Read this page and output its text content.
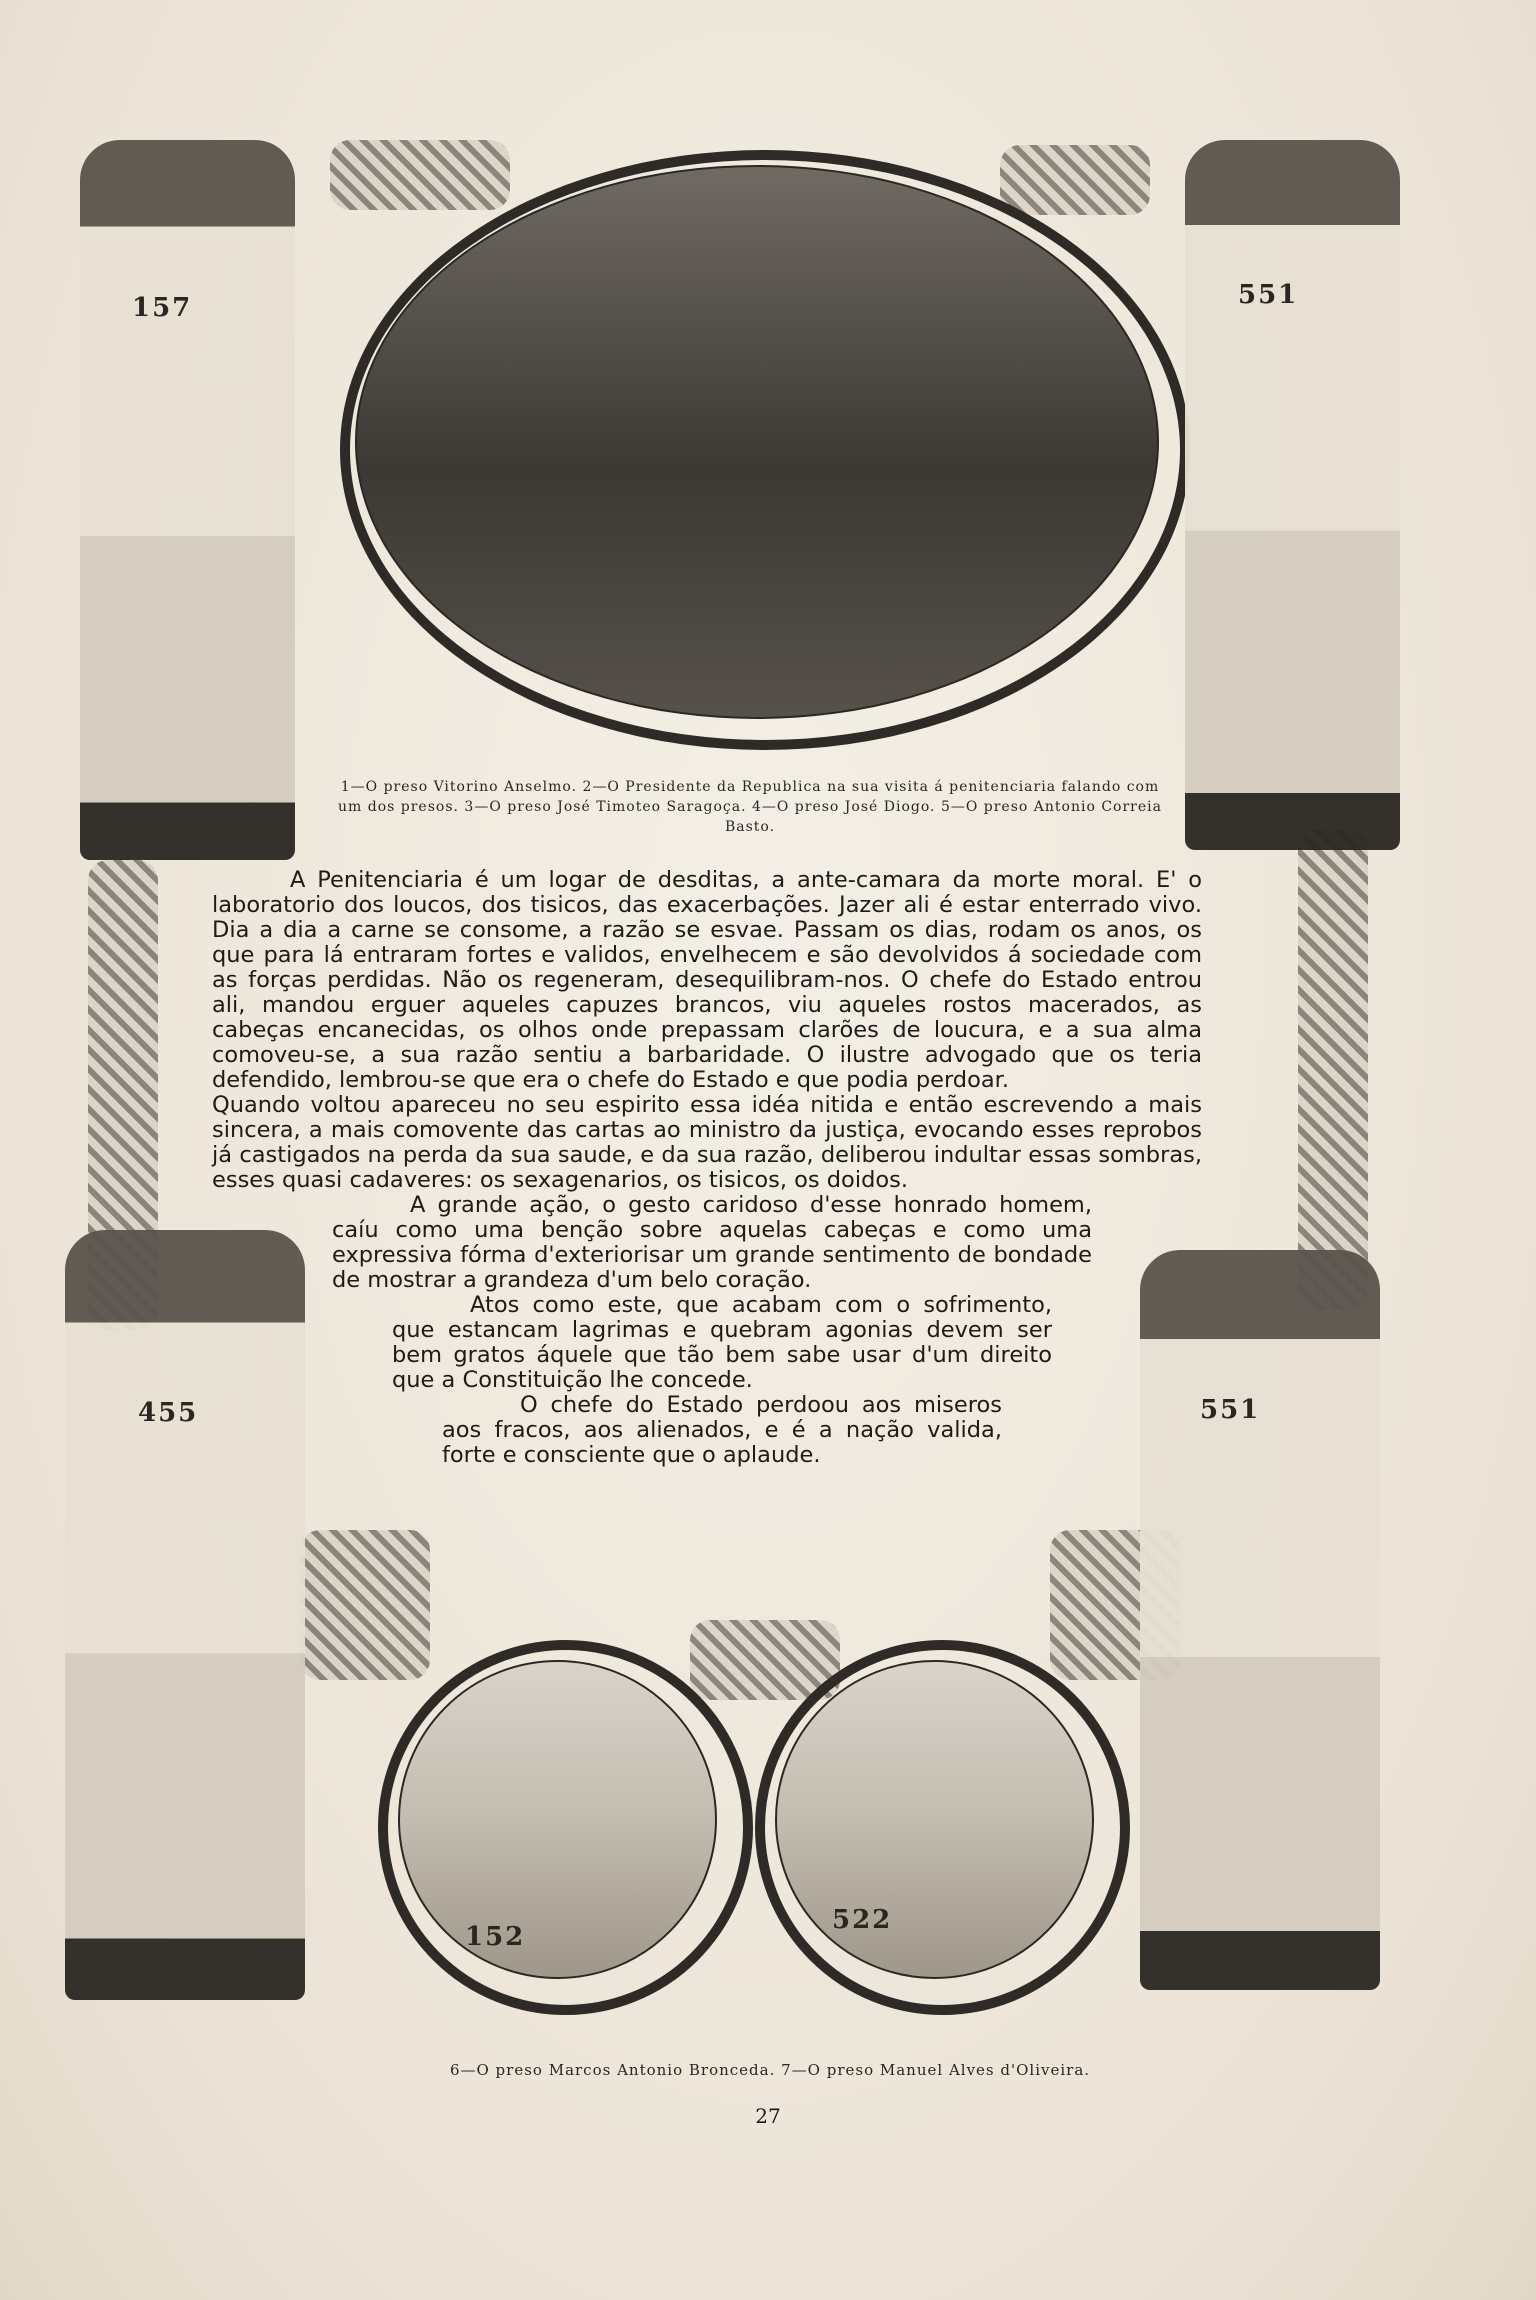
157	551
1—O preso Vitorino Anselmo. 2—O Presidente da Republica na sua visita á penitenciaria falando com um dos presos. 3—O preso José Timoteo Saragoça. 4—O preso José Diogo. 5—O preso Antonio Correia Basto.

A Penitenciaria é um logar de desditas, a ante-camara da morte moral. E' o laboratorio dos loucos, dos tisicos, das exacerbações. Jazer ali é estar enterrado vivo. Dia a dia a carne se consome, a razão se esvae. Passam os dias, rodam os anos, os que para lá entraram fortes e validos, envelhecem e são devolvidos á sociedade com as forças perdidas. Não os regeneram, desequilibram-nos. O chefe do Estado entrou ali, mandou erguer aqueles capuzes brancos, viu aqueles rostos macerados, as cabeças encanecidas, os olhos onde prepassam clarões de loucura, e a sua alma comoveu-se, a sua razão sentiu a barbaridade. O ilustre advogado que os teria defendido, lembrou-se que era o chefe do Estado e que podia perdoar.

Quando voltou apareceu no seu espirito essa idéa nitida e então escrevendo a mais sincera, a mais comovente das cartas ao ministro da justiça, evocando esses reprobos já castigados na perda da sua saude, e da sua razão, deliberou indultar essas sombras, esses quasi cadaveres: os sexagenarios, os tisicos, os doidos.

A grande ação, o gesto caridoso d'esse honrado homem, caíu como uma benção sobre aquelas cabeças e como uma expressiva fórma d'exteriorisar um grande sentimento de bondade de mostrar a grandeza d'um belo coração.

Atos como este, que acabam com o sofrimento, que estancam lagrimas e quebram agonias devem ser bem gratos áquele que tão bem sabe usar d'um direito que a Constituição lhe concede.

O chefe do Estado perdoou aos miseros aos fracos, aos alienados, e é a nação valida, forte e consciente que o aplaude.

455	551
152
522
6—O preso Marcos Antonio Bronceda. 7—O preso Manuel Alves d'Oliveira.
27
